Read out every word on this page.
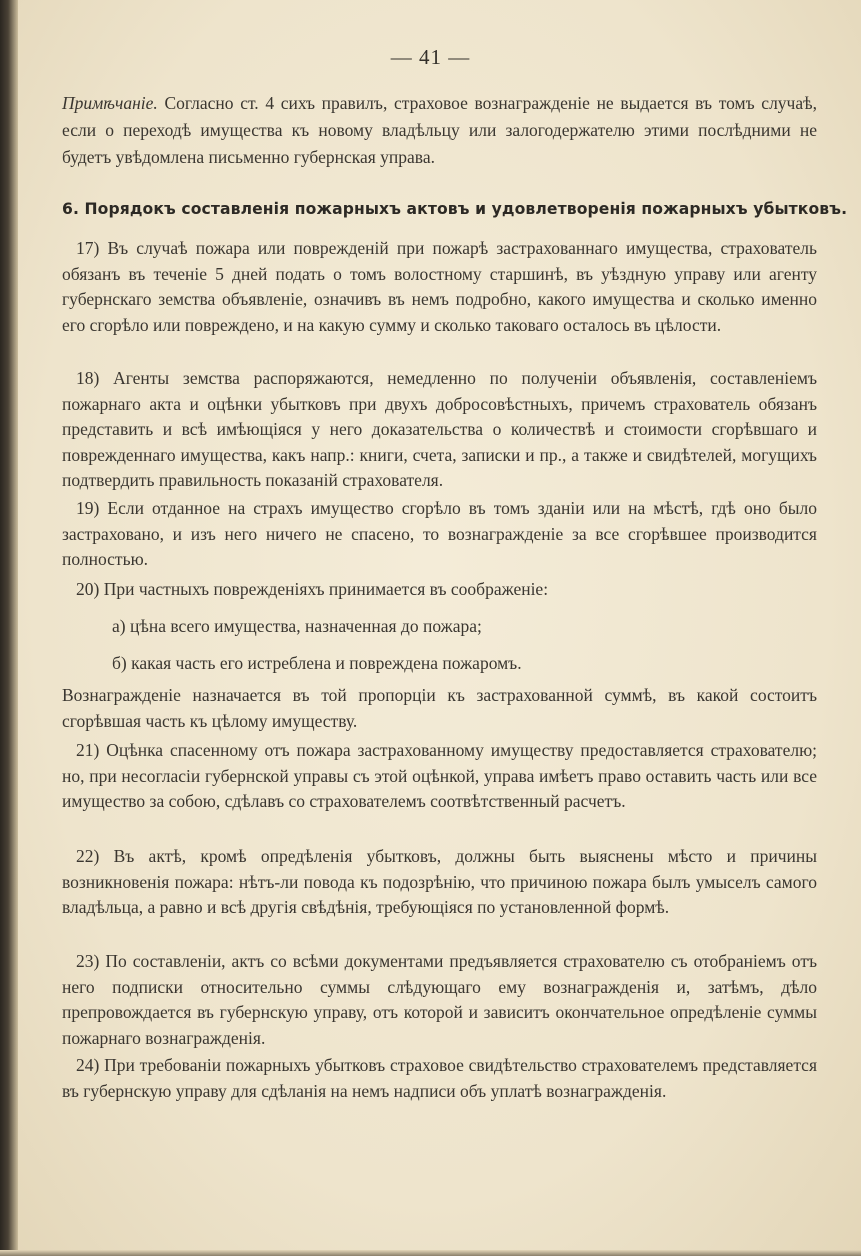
— 41 —
Примѣчаніе. Согласно ст. 4 сихъ правилъ, страховое вознагражденіе не выдается въ томъ случаѣ, если о переходѣ имущества къ новому владѣльцу или залогодержателю этими послѣдними не будетъ увѣдомлена письменно губернская управа.
6. Порядокъ составленія пожарныхъ актовъ и удовлетворенія пожарныхъ убытковъ.
17) Въ случаѣ пожара или поврежденій при пожарѣ застрахованнаго имущества, страхователь обязанъ въ теченіе 5 дней подать о томъ волостному старшинѣ, въ уѣздную управу или агенту губернскаго земства объявленіе, означивъ въ немъ подробно, какого имущества и сколько именно его сгорѣло или повреждено, и на какую сумму и сколько таковаго осталось въ цѣлости.
18) Агенты земства распоряжаются, немедленно по полученіи объявленія, составленіемъ пожарнаго акта и оцѣнки убытковъ при двухъ добросовѣстныхъ, причемъ страхователь обязанъ представить и всѣ имѣющіяся у него доказательства о количествѣ и стоимости сгорѣвшаго и поврежденнаго имущества, какъ напр.: книги, счета, записки и пр., а также и свидѣтелей, могущихъ подтвердить правильность показаній страхователя.
19) Если отданное на страхъ имущество сгорѣло въ томъ зданіи или на мѣстѣ, гдѣ оно было застраховано, и изъ него ничего не спасено, то вознагражденіе за все сгорѣвшее производится полностью.
20) При частныхъ поврежденіяхъ принимается въ соображеніе:
а) цѣна всего имущества, назначенная до пожара;
б) какая часть его истреблена и повреждена пожаромъ.
Вознагражденіе назначается въ той пропорціи къ застрахованной суммѣ, въ какой состоитъ сгорѣвшая часть къ цѣлому имуществу.
21) Оцѣнка спасенному отъ пожара застрахованному имуществу предоставляется страхователю; но, при несогласіи губернской управы съ этой оцѣнкой, управа имѣетъ право оставить часть или все имущество за собою, сдѣлавъ со страхователемъ соотвѣтственный расчетъ.
22) Въ актѣ, кромѣ опредѣленія убытковъ, должны быть выяснены мѣсто и причины возникновенія пожара: нѣтъ-ли повода къ подозрѣнію, что причиною пожара былъ умыселъ самого владѣльца, а равно и всѣ другія свѣдѣнія, требующіяся по установленной формѣ.
23) По составленіи, актъ со всѣми документами предъявляется страхователю съ отобраніемъ отъ него подписки относительно суммы слѣдующаго ему вознагражденія и, затѣмъ, дѣло препровождается въ губернскую управу, отъ которой и зависитъ окончательное опредѣленіе суммы пожарнаго вознагражденія.
24) При требованіи пожарныхъ убытковъ страховое свидѣтельство страхователемъ представляется въ губернскую управу для сдѣланія на немъ надписи объ уплатѣ вознагражденія.
